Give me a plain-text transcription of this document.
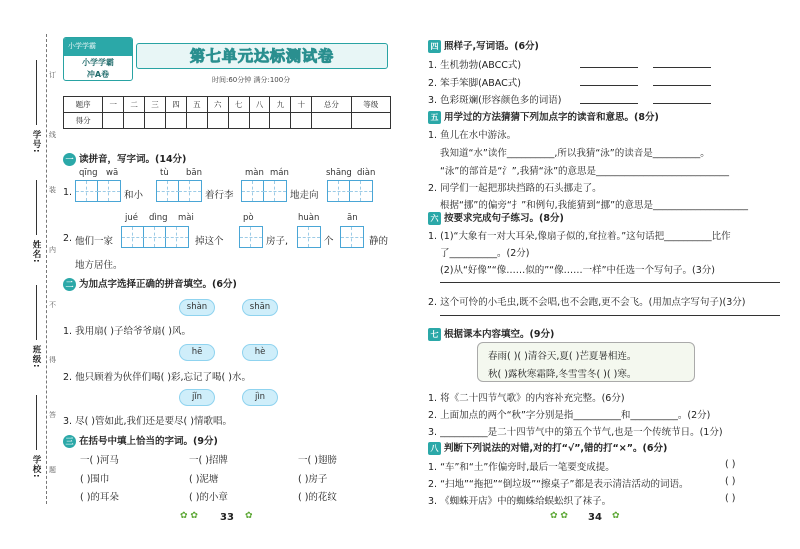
学号:
姓名:
班级:
学校:
订
线
装
内
不
得
答
题
小学学霸
小学学霸
冲A卷
第七单元达标测试卷
时间:60分钟 满分:100分
题序	一	二	三	四	五	六	七	八	九	十	总分	等级
得分												
一 读拼音，写字词。(14分)
qīng wā	tù bān	màn mán	shāng diàn
1.	和小	着行李	地走向
jué dìng mài	pò	huàn	ān
2. 他们一家	掉这个	房子,	个	静的
地方居住。
二 为加点字选择正确的拼音填空。(6分)
shàn	shān
1. 我用扇( )子给爷爷扇( )风。
hē	hè
2. 他只顾着为伙伴们喝( )彩,忘记了喝( )水。
jǐn	jìn
3. 尽( )管如此,我们还是要尽( )情歌唱。
三 在括号中填上恰当的字词。(9分)
一( )河马	一( )招牌	一( )翅膀
( )围巾	( )泥塘	( )房子
( )的耳朵	( )的小章	( )的花纹
✿ ✿ 33 ✿
四 照样子,写词语。(6分)
1. 生机勃勃(ABCC式)
2. 笨手笨脚(ABAC式)
3. 色彩斑斓(形容颜色多的词语)
五 用学过的方法猜猜下列加点字的读音和意思。(8分)
1. 鱼儿在水中游泳。
我知道“水”读作__________,所以我猜“泳”的读音是__________。
“泳”的部首是“氵”,我猜“泳”的意思是____________________________
2. 同学们一起把那块挡路的石头挪走了。
根据“挪”的偏旁“扌”和例句,我能猜到“挪”的意思是____________________
六 按要求完成句子练习。(8分)
1. (1)“大象有一对大耳朵,像扇子似的,耷拉着。”这句话把__________比作
了__________。(2分)
(2)从“好像”“像……似的”“像……一样”中任选一个写句子。(3分)
2. 这个可怜的小毛虫,既不会唱,也不会跑,更不会飞。(用加点字写句子)(3分)
七 根据课本内容填空。(9分)
春雨( )( )清谷天,夏( )芒夏暑相连。
秋( )露秋寒霜降,冬雪雪冬( )( )寒。
1. 将《二十四节气歌》的内容补充完整。(6分)
2. 上面加点的两个“秋”字分别是指__________和__________。(2分)
3. __________是二十四节气中的第五个节气,也是一个传统节日。(1分)
八 判断下列说法的对错,对的打“√”,错的打“×”。(6分)
1. “车”和“土”作偏旁时,最后一笔要变成提。	( )
2. “扫地”“拖把”“倒垃圾”“擦桌子”都是表示清洁活动的词语。	( )
3. 《蜘蛛开店》中的蜘蛛给蜈蚣织了袜子。	( )
✿ ✿ 34 ✿
